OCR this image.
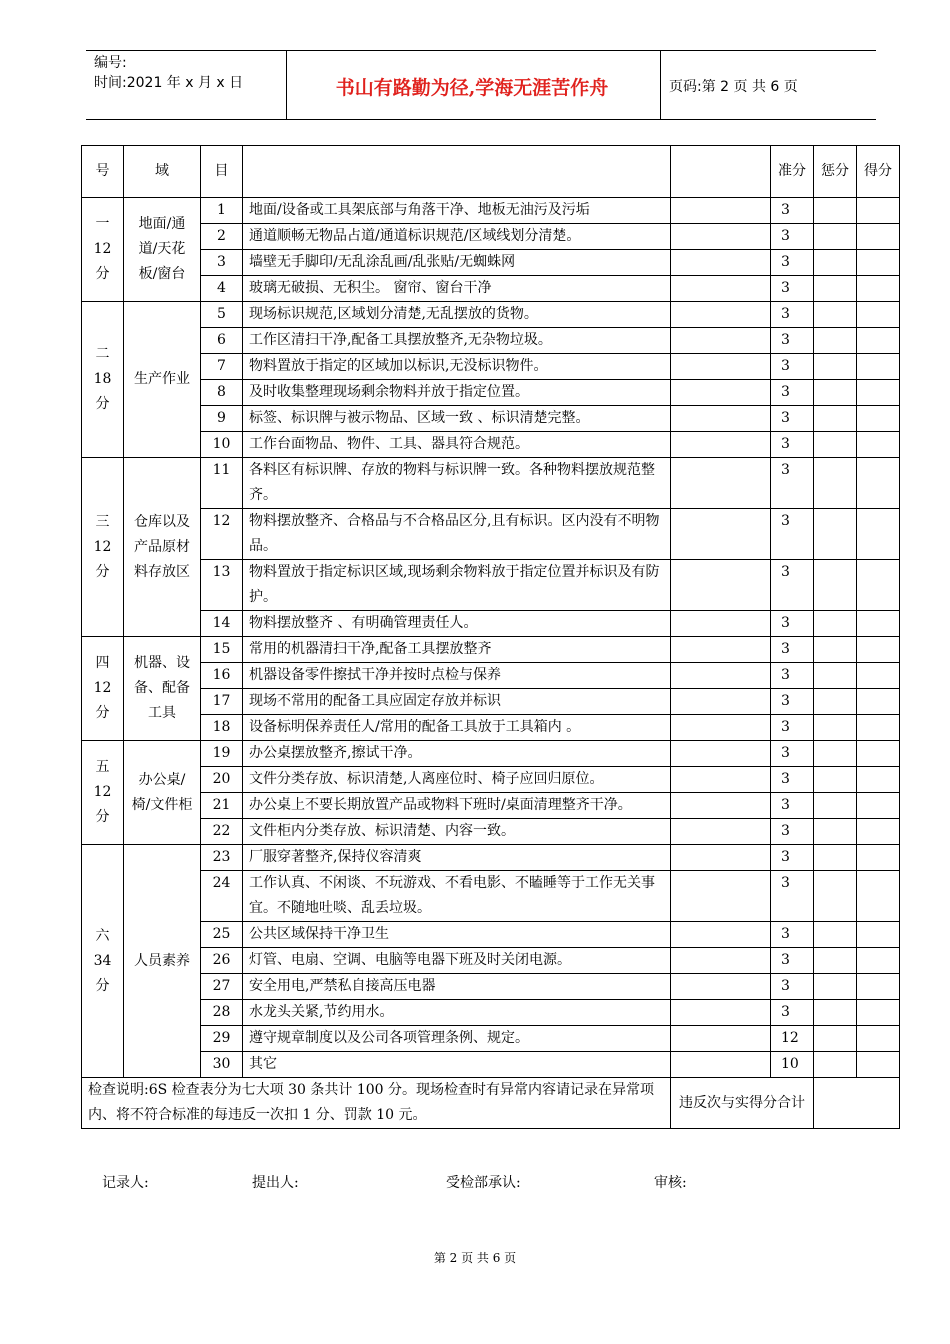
编号:
时间:2021 年 x 月 x 日	书山有路勤为径,学海无涯苦作舟	页码:第 2 页 共 6 页
号	域	目			准分	惩分	得分
一12分	地面/通道/天花板/窗台	1	地面/设备或工具架底部与角落干净、地板无油污及污垢		3		
		2	通道顺畅无物品占道/通道标识规范/区域线划分清楚。		3		
		3	墙壁无手脚印/无乱涂乱画/乱张贴/无蜘蛛网		3		
		4	玻璃无破损、无积尘。 窗帘、窗台干净		3		
二18分	生产作业	5	现场标识规范,区域划分清楚,无乱摆放的货物。		3		
		6	工作区清扫干净,配备工具摆放整齐,无杂物垃圾。		3		
		7	物料置放于指定的区域加以标识,无没标识物件。		3		
		8	及时收集整理现场剩余物料并放于指定位置。		3		
		9	标签、标识牌与被示物品、区域一致 、标识清楚完整。		3		
		10	工作台面物品、物件、工具、器具符合规范。		3		
三12分	仓库以及产品原材料存放区	11	各料区有标识牌、存放的物料与标识牌一致。各种物料摆放规范整齐。		3		
		12	物料摆放整齐、合格品与不合格品区分,且有标识。区内没有不明物品。		3		
		13	物料置放于指定标识区域,现场剩余物料放于指定位置并标识及有防护。		3		
		14	物料摆放整齐 、有明确管理责任人。		3		
四12分	机器、设备、配备工具	15	常用的机器清扫干净,配备工具摆放整齐		3		
		16	机器设备零件擦拭干净并按时点检与保养		3		
		17	现场不常用的配备工具应固定存放并标识		3		
		18	设备标明保养责任人/常用的配备工具放于工具箱内 。		3		
五12分	办公桌/椅/文件柜	19	办公桌摆放整齐,擦试干净。		3		
		20	文件分类存放、标识清楚,人离座位时、椅子应回归原位。		3		
		21	办公桌上不要长期放置产品或物料下班时/桌面清理整齐干净。		3		
		22	文件柜内分类存放、标识清楚、内容一致。		3		
六34分	人员素养	23	厂服穿著整齐,保持仪容清爽		3		
		24	工作认真、不闲谈、不玩游戏、不看电影、不瞌睡等于工作无关事宜。不随地吐啖、乱丢垃圾。		3		
		25	公共区域保持干净卫生		3		
		26	灯管、电扇、空调、电脑等电器下班及时关闭电源。		3		
		27	安全用电,严禁私自接高压电器		3		
		28	水龙头关紧,节约用水。		3		
		29	遵守规章制度以及公司各项管理条例、规定。		12		
		30	其它		10		
检查说明:6S 检查表分为七大项 30 条共计 100 分。现场检查时有异常内容请记录在异常项内、将不符合标准的每违反一次扣 1 分、罚款 10 元。				违反次与实得分合计			
记录人:	提出人:	受检部承认:	审核:
第 2 页 共 6 页
